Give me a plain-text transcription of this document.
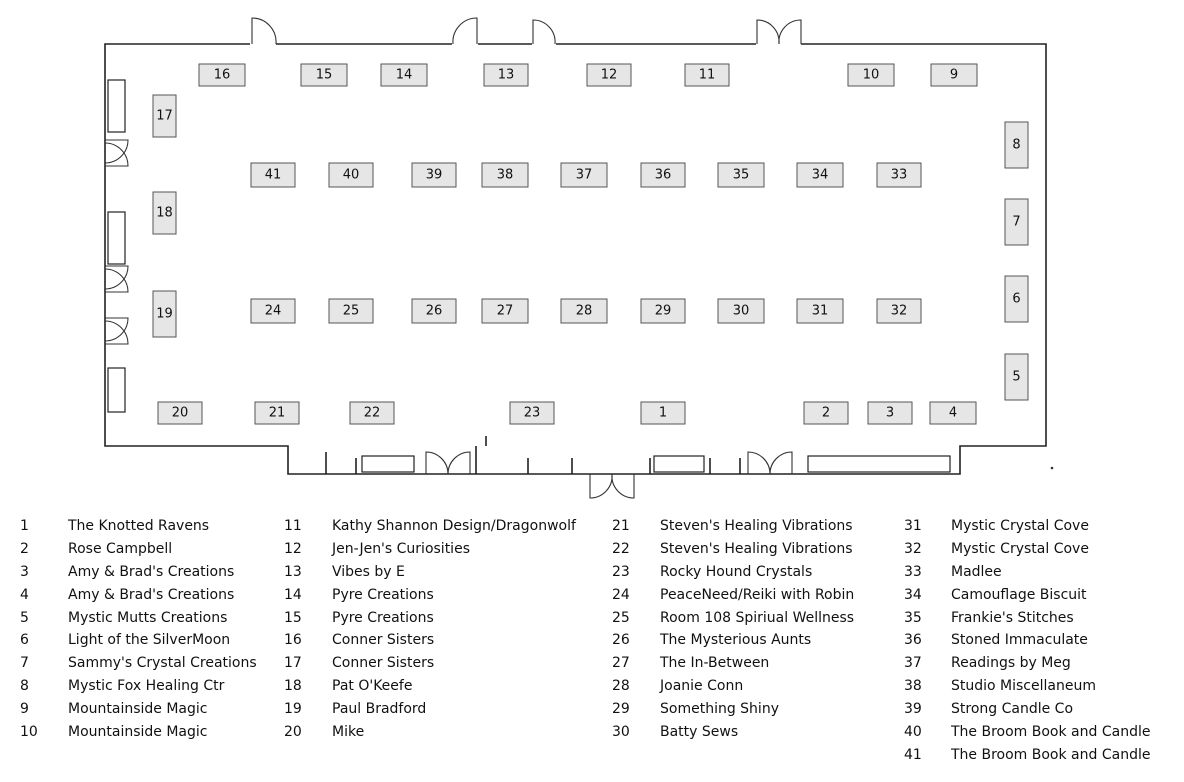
1	2	3	4
5
6
7
8
9
10
11
12
13
14
15
16
17
18
19
20	21	22	23
24	25	26	27	28	29	30	31	32
33
34
35
36
37
38
39
40
41
1	The Knotted Ravens
2	Rose Campbell
3	Amy & Brad's Creations
4	Amy & Brad's Creations
5	Mystic Mutts Creations
6	Light of the SilverMoon
7	Sammy's Crystal Creations
8	Mystic Fox Healing Ctr
9	Mountainside Magic
10 Mountainside Magic
11 Kathy Shannon Design/Dragonwolf
12 Jen-Jen's Curiosities
13 Vibes by E
14 Pyre Creations
15 Pyre Creations
16 Conner Sisters
17 Conner Sisters
18 Pat O'Keefe
19 Paul Bradford
20 Mike
21 Steven's Healing Vibrations
22 Steven's Healing Vibrations
23 Rocky Hound Crystals
24 PeaceNeed/Reiki with Robin
25 Room 108 Spiriual Wellness
26 The Mysterious Aunts
27 The In-Between
28 Joanie Conn
29 Something Shiny
30 Batty Sews
31 Mystic Crystal Cove
32 Mystic Crystal Cove
33 Madlee
34 Camouflage Biscuit
35 Frankie's Stitches
36 Stoned Immaculate
37 Readings by Meg
38 Studio Miscellaneum
39 Strong Candle Co
40 The Broom Book and Candle
41 The Broom Book and Candle
